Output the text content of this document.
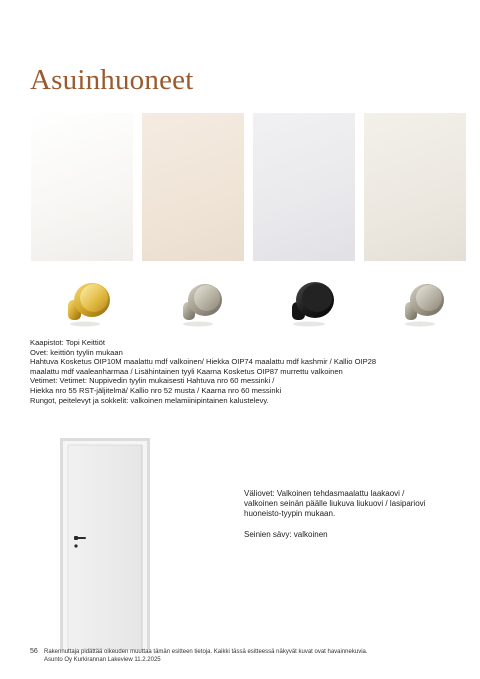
Asuinhuoneet
Kaapistot: Topi Keittiöt
Ovet: keittiön tyylin mukaan
Hahtuva Kosketus OIP10M maalattu mdf valkoinen/ Hiekka OIP74 maalattu mdf kashmir / Kallio OIP28
maalattu mdf vaaleanharmaa / Lisähintainen tyyli Kaarna Kosketus OIP87 murrettu valkoinen
Vetimet: Vetimet: Nuppivedin tyylin mukaisesti Hahtuva nro 60 messinki /
Hiekka nro 55 RST-jäljitelmä/ Kallio nro 52 musta / Kaarna nro 60 messinki
Rungot, peitelevyt ja sokkelit: valkoinen melamiinipintainen kalustelevy.
Väliovet: Valkoinen tehdasmaalattu laakaovi /
valkoinen seinän päälle liukuva liukuovi / lasipariovi
huoneisto-tyypin mukaan.
Seinien sävy: valkoinen
56 Rakennuttaja pidättää oikeuden muuttaa tämän esitteen tietoja. Kaikki tässä esitteessä näkyvät kuvat ovat havainnekuvia.
Asunto Oy Kurkirannan Lakeview 11.2.2025
